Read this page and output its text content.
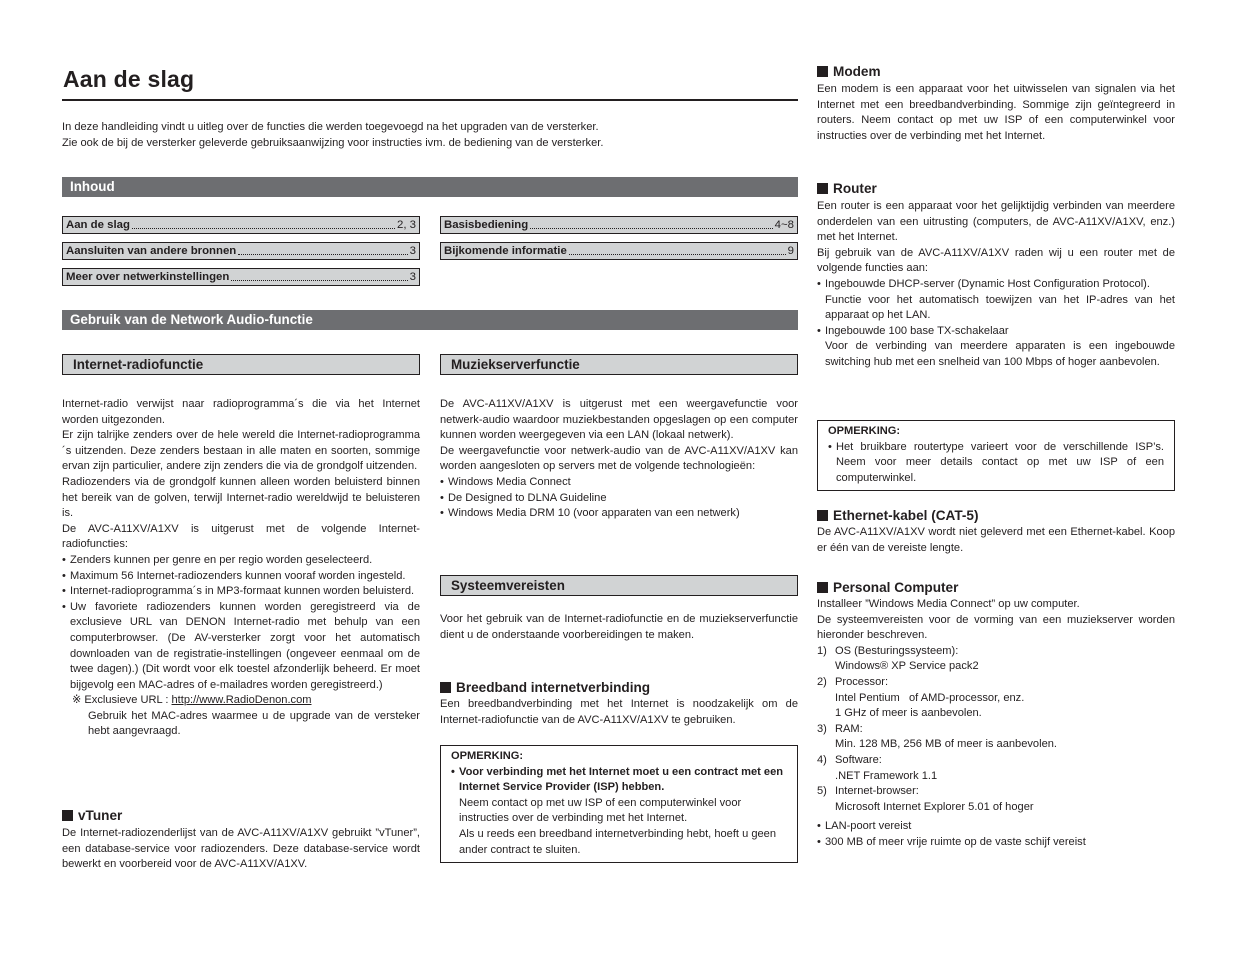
Aan de slag
In deze handleiding vindt u uitleg over de functies die werden toegevoegd na het upgraden van de versterker.
Zie ook de bij de versterker geleverde gebruiksaanwijzing voor instructies ivm. de bediening van de versterker.
Inhoud
Aan de slag	2, 3
Aansluiten van andere bronnen	3
Meer over netwerkinstellingen	3
Basisbediening	4~8
Bijkomende informatie	9
Gebruik van de Network Audio-functie
Internet-radiofunctie

Internet-radio verwijst naar radioprogramma´s die via het Internet worden uitgezonden.

Er zijn talrijke zenders over de hele wereld die Internet-radioprogramma´s uitzenden. Deze zenders bestaan in alle maten en soorten, sommige ervan zijn particulier, andere zijn zenders die via de grondgolf uitzenden.

Radiozenders via de grondgolf kunnen alleen worden beluisterd binnen het bereik van de golven, terwijl Internet-radio wereldwijd te beluisteren is.

De AVC-A11XV/A1XV is uitgerust met de volgende Internet-radiofuncties:

• Zenders kunnen per genre en per regio worden geselecteerd.
• Maximum 56 Internet-radiozenders kunnen vooraf worden ingesteld.
• Internet-radioprogramma´s in MP3-formaat kunnen worden beluisterd.
• Uw favoriete radiozenders kunnen worden geregistreerd via de exclusieve URL van DENON Internet-radio met behulp van een computerbrowser. (De AV-versterker zorgt voor het automatisch downloaden van de registratie-instellingen (ongeveer eenmaal om de twee dagen).) (Dit wordt voor elk toestel afzonderlijk beheerd. Er moet bijgevolg een MAC-adres of e-mailadres worden geregistreerd.)
※ Exclusieve URL : http://www.RadioDenon.com
Gebruik het MAC-adres waarmee u de upgrade van de versteker hebt aangevraagd.
vTuner
De Internet-radiozenderlijst van de AVC-A11XV/A1XV gebruikt ”vTuner”, een database-service voor radiozenders. Deze database-service wordt bewerkt en voorbereid voor de AVC-A11XV/A1XV.
Muziekserverfunctie

De AVC-A11XV/A1XV is uitgerust met een weergavefunctie voor netwerk-audio waardoor muziekbestanden opgeslagen op een computer kunnen worden weergegeven via een LAN (lokaal netwerk).

De weergavefunctie voor netwerk-audio van de AVC-A11XV/A1XV kan worden aangesloten op servers met de volgende technologieën:

• Windows Media Connect
• De Designed to DLNA Guideline
• Windows Media DRM 10 (voor apparaten van een netwerk)
Systeemvereisten
Voor het gebruik van de Internet-radiofunctie en de muziekserverfunctie dient u de onderstaande voorbereidingen te maken.
Breedband internetverbinding
Een breedbandverbinding met het Internet is noodzakelijk om de Internet-radiofunctie van de AVC-A11XV/A1XV te gebruiken.
OPMERKING:
• Voor verbinding met het Internet moet u een contract met een Internet Service Provider (ISP) hebben.
Neem contact op met uw ISP of een computerwinkel voor instructies over de verbinding met het Internet.
Als u reeds een breedband internetverbinding hebt, hoeft u geen ander contract te sluiten.
Modem
Een modem is een apparaat voor het uitwisselen van signalen via het Internet met een breedbandverbinding. Sommige zijn geïntegreerd in routers. Neem contact op met uw ISP of een computerwinkel voor instructies over de verbinding met het Internet.
Router

Een router is een apparaat voor het gelijktijdig verbinden van meerdere onderdelen van een uitrusting (computers, de AVC-A11XV/A1XV, enz.) met het Internet.

Bij gebruik van de AVC-A11XV/A1XV raden wij u een router met de volgende functies aan:

• Ingebouwde DHCP-server (Dynamic Host Configuration Protocol).
Functie voor het automatisch toewijzen van het IP-adres van het apparaat op het LAN.
• Ingebouwde 100 base TX-schakelaar
Voor de verbinding van meerdere apparaten is een ingebouwde switching hub met een snelheid van 100 Mbps of hoger aanbevolen.
OPMERKING:
• Het bruikbare routertype varieert voor de verschillende ISP’s. Neem voor meer details contact op met uw ISP of een computerwinkel.
Ethernet-kabel (CAT-5)
De AVC-A11XV/A1XV wordt niet geleverd met een Ethernet-kabel. Koop er één van de vereiste lengte.
Personal Computer

Installeer ”Windows Media Connect” op uw computer.

De systeemvereisten voor de vorming van een muziekserver worden hieronder beschreven.

1) OS (Besturingssysteem):
Windows® XP Service pack2
2) Processor:
Intel Pentium   of AMD-processor, enz.
1 GHz of meer is aanbevolen.
3) RAM:
Min. 128 MB, 256 MB of meer is aanbevolen.
4) Software:
.NET Framework 1.1
5) Internet-browser:
Microsoft Internet Explorer 5.01 of hoger
• LAN-poort vereist
• 300 MB of meer vrije ruimte op de vaste schijf vereist
